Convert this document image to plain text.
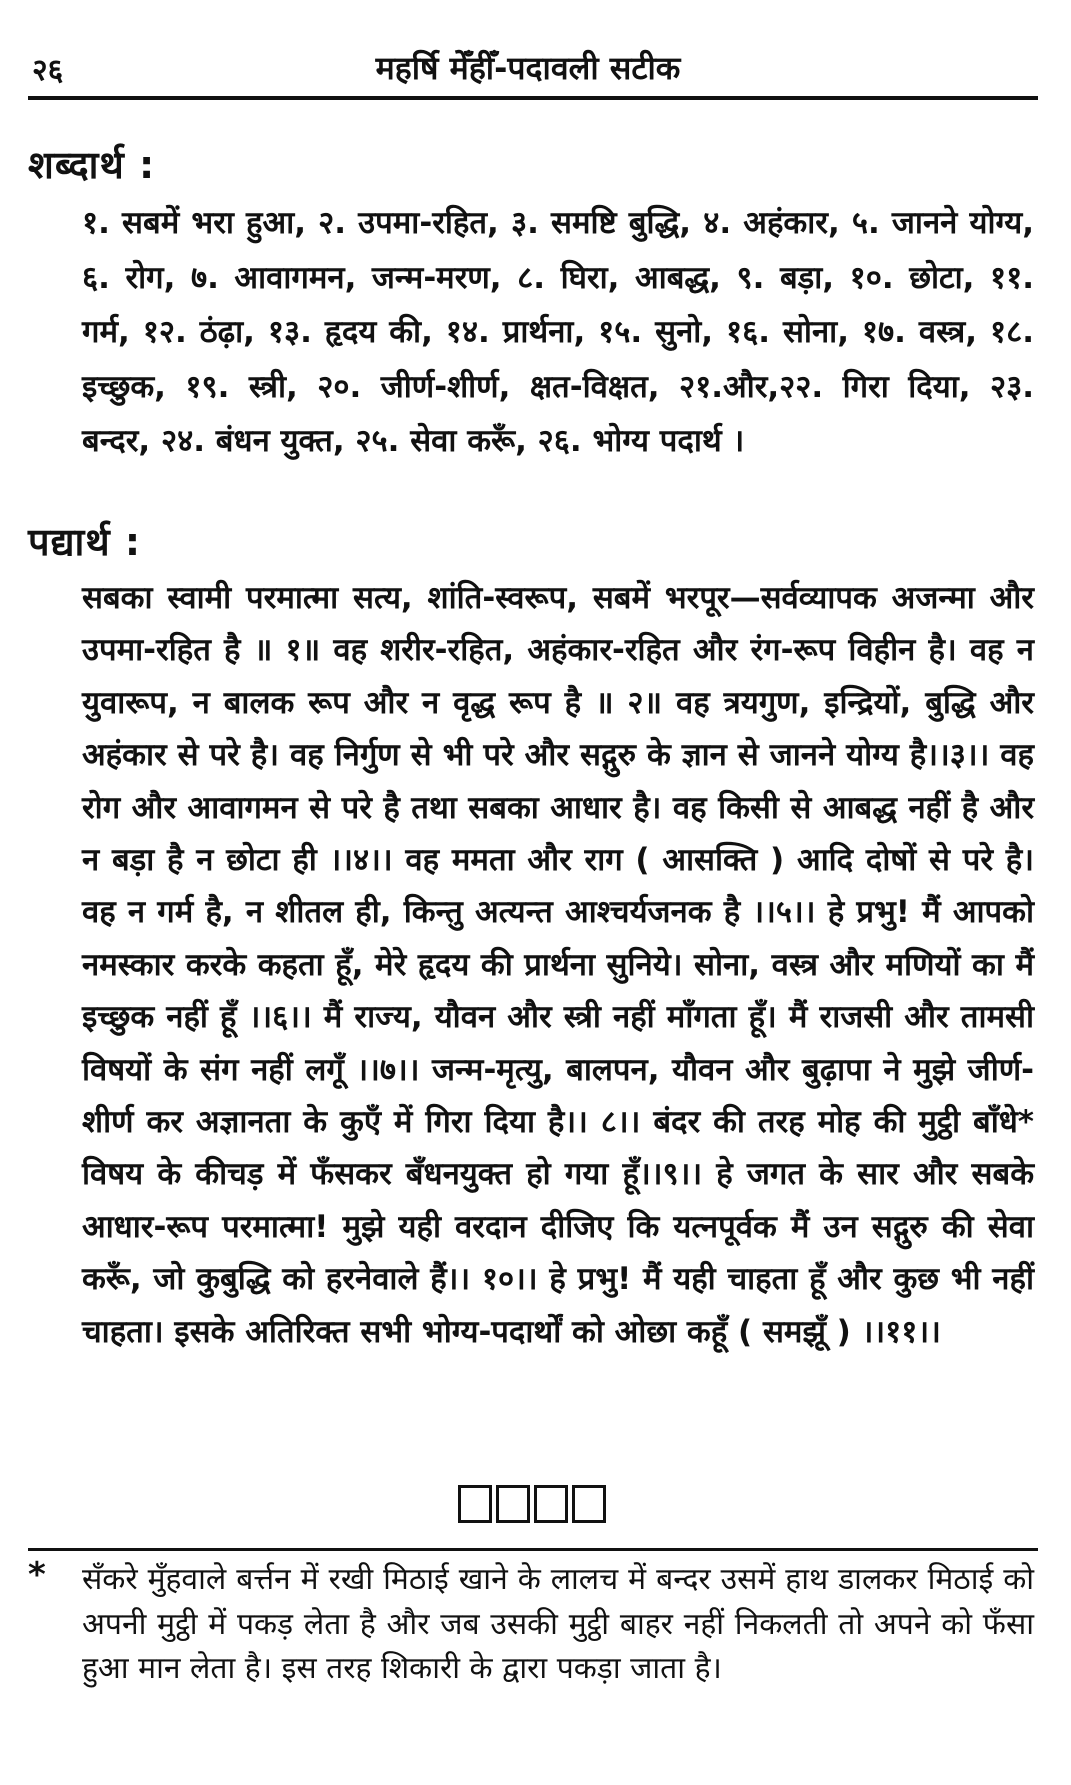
२६	महर्षि मेँहीँ-पदावली सटीक
शब्दार्थ :
१. सबमें भरा हुआ, २. उपमा-रहित, ३. समष्टि बुद्धि, ४. अहंकार, ५. जानने योग्य, ६. रोग, ७. आवागमन, जन्म-मरण, ८. घिरा, आबद्ध, ९. बड़ा, १०. छोटा, ११. गर्म, १२. ठंढ़ा, १३. हृदय की, १४. प्रार्थना, १५. सुनो, १६. सोना, १७. वस्त्र, १८. इच्छुक, १९. स्त्री, २०. जीर्ण-शीर्ण, क्षत-विक्षत, २१.और,२२. गिरा दिया, २३. बन्दर, २४. बंधन युक्त, २५. सेवा करूँ, २६. भोग्य पदार्थ ।
पद्यार्थ :
सबका स्वामी परमात्मा सत्य, शांति-स्वरूप, सबमें भरपूर—सर्वव्यापक अजन्मा और उपमा-रहित है ॥ १॥ वह शरीर-रहित, अहंकार-रहित और रंग-रूप विहीन है। वह न युवारूप, न बालक रूप और न वृद्ध रूप है ॥ २॥ वह त्रयगुण, इन्द्रियों, बुद्धि और अहंकार से परे है। वह निर्गुण से भी परे और सद्गुरु के ज्ञान से जानने योग्य है।।३।। वह रोग और आवागमन से परे है तथा सबका आधार है। वह किसी से आबद्ध नहीं है और न बड़ा है न छोटा ही ।।४।। वह ममता और राग ( आसक्ति ) आदि दोषों से परे है। वह न गर्म है, न शीतल ही, किन्तु अत्यन्त आश्चर्यजनक है ।।५।। हे प्रभु! मैं आपको नमस्कार करके कहता हूँ, मेरे हृदय की प्रार्थना सुनिये। सोना, वस्त्र और मणियों का मैं इच्छुक नहीं हूँ ।।६।। मैं राज्य, यौवन और स्त्री नहीं माँगता हूँ। मैं राजसी और तामसी विषयों के संग नहीं लगूँ ।।७।। जन्म-मृत्यु, बालपन, यौवन और बुढ़ापा ने मुझे जीर्ण-शीर्ण कर अज्ञानता के कुएँ में गिरा दिया है।। ८।। बंदर की तरह मोह की मुट्ठी बाँधे* विषय के कीचड़ में फँसकर बँधनयुक्त हो गया हूँ।।९।। हे जगत के सार और सबके आधार-रूप परमात्मा! मुझे यही वरदान दीजिए कि यत्नपूर्वक मैं उन सद्गुरु की सेवा करूँ, जो कुबुद्धि को हरनेवाले हैं।। १०।। हे प्रभु! मैं यही चाहता हूँ और कुछ भी नहीं चाहता। इसके अतिरिक्त सभी भोग्य-पदार्थों को ओछा कहूँ ( समझूँ ) ।।११।।
* सँकरे मुँहवाले बर्त्तन में रखी मिठाई खाने के लालच में बन्दर उसमें हाथ डालकर मिठाई को अपनी मुट्ठी में पकड़ लेता है और जब उसकी मुट्ठी बाहर नहीं निकलती तो अपने को फँसा हुआ मान लेता है। इस तरह शिकारी के द्वारा पकड़ा जाता है।
